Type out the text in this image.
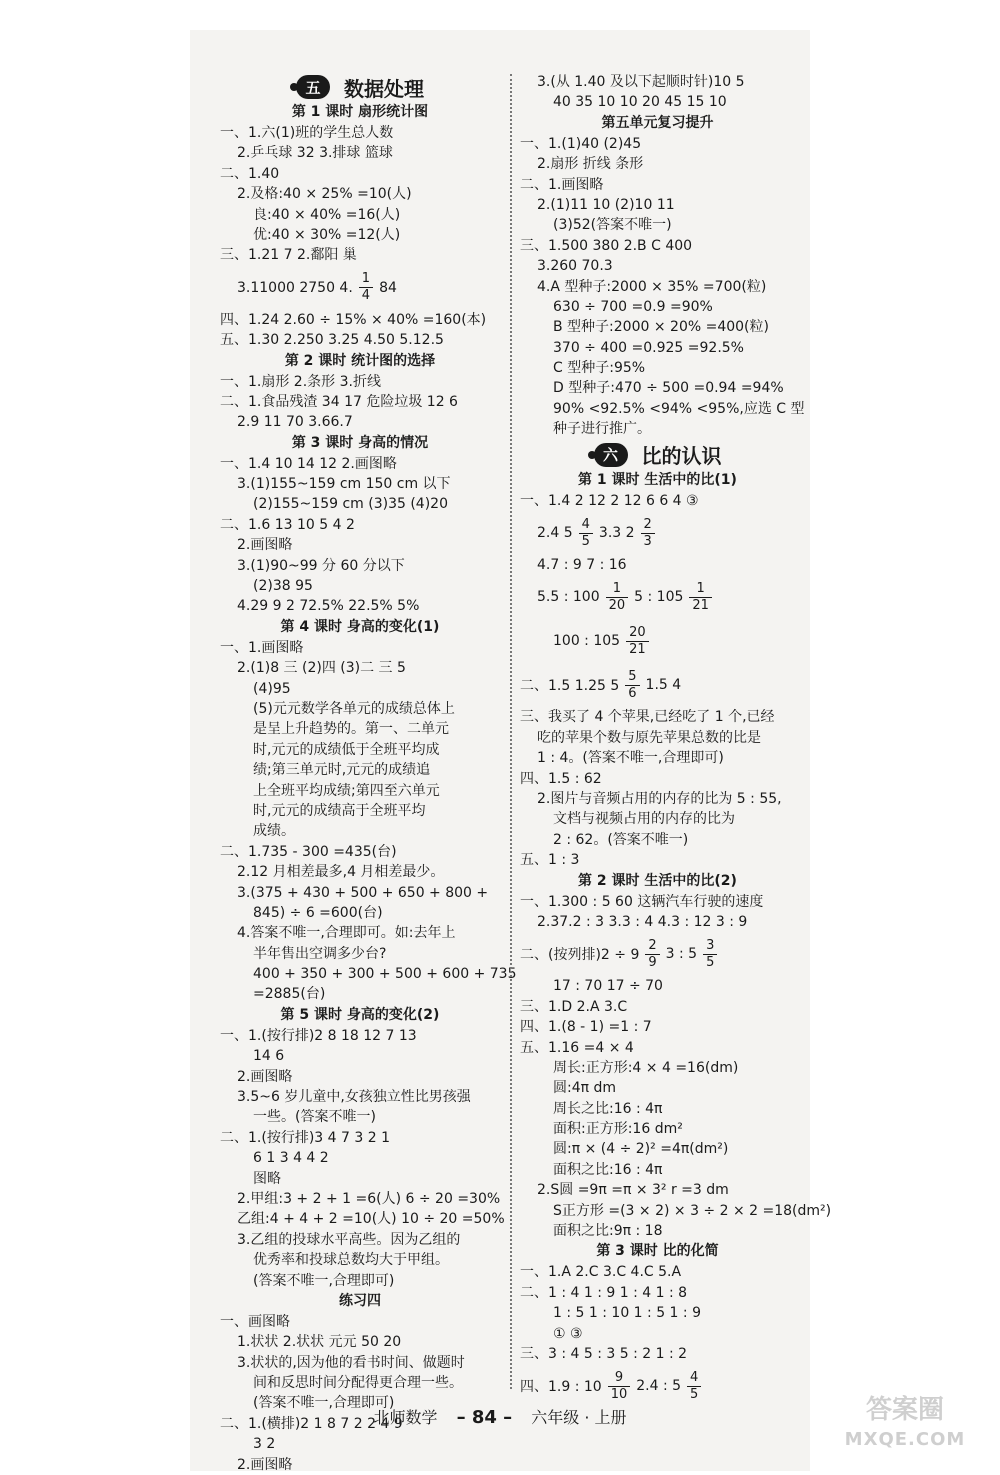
五	数据处理
第 1 课时 扇形统计图
一、1.六(1)班的学生总人数
2.乒乓球 32 3.排球 篮球
二、1.40
2.及格:40 × 25% =10(人)
良:40 × 40% =16(人)
优:40 × 30% =12(人)
三、1.21 7 2.鄱阳 巢
3.11000 2750 4. $\frac{1}{4} 84$
四、1.24 2.60 ÷ 15% × 40% =160(本)
五、1.30 2.250 3.25 4.50 5.12.5
第 2 课时 统计图的选择
一、1.扇形 2.条形 3.折线
二、1.食品残渣 34 17 危险垃圾 12 6
2.9 11 70 3.66.7
第 3 课时 身高的情况
一、1.4 10 14 12 2.画图略
3.(1)155~159 cm 150 cm 以下
(2)155~159 cm (3)35 (4)20
二、1.6 13 10 5 4 2
2.画图略
3.(1)90~99 分 60 分以下
(2)38 95
4.29 9 2 72.5% 22.5% 5%
第 4 课时 身高的变化(1)
一、1.画图略
2.(1)8 三 (2)四 (3)二 三 5
(4)95
(5)元元数学各单元的成绩总体上
是呈上升趋势的。第一、二单元
时,元元的成绩低于全班平均成
绩;第三单元时,元元的成绩追
上全班平均成绩;第四至六单元
时,元元的成绩高于全班平均
成绩。
二、1.735 - 300 =435(台)
2.12 月相差最多,4 月相差最少。
3.(375 + 430 + 500 + 650 + 800 +
845) ÷ 6 =600(台)
4.答案不唯一,合理即可。如:去年上
半年售出空调多少台?
400 + 350 + 300 + 500 + 600 + 735
=2885(台)
第 5 课时 身高的变化(2)
一、1.(按行排)2 8 18 12 7 13
14 6
2.画图略
3.5~6 岁儿童中,女孩独立性比男孩强
一些。(答案不唯一)
二、1.(按行排)3 4 7 3 2 1
6 1 3 4 4 2
图略
2.甲组:3 + 2 + 1 =6(人) 6 ÷ 20 =30%
乙组:4 + 4 + 2 =10(人) 10 ÷ 20 =50%
3.乙组的投球水平高些。因为乙组的
优秀率和投球总数均大于甲组。
(答案不唯一,合理即可)
练习四
一、画图略
1.状状 2.状状 元元 50 20
3.状状的,因为他的看书时间、做题时
间和反思时间分配得更合理一些。
(答案不唯一,合理即可)
二、1.(横排)2 1 8 7 2 2 4 9
3 2
2.画图略
3.(从 1.40 及以下起顺时针)10 5
40 35 10 10 20 45 15 10
第五单元复习提升
一、1.(1)40 (2)45
2.扇形 折线 条形
二、1.画图略
2.(1)11 10 (2)10 11
(3)52(答案不唯一)
三、1.500 380 2.B C 400
3.260 70.3
4.A 型种子:2000 × 35% =700(粒)
630 ÷ 700 =0.9 =90%
B 型种子:2000 × 20% =400(粒)
370 ÷ 400 =0.925 =92.5%
C 型种子:95%
D 型种子:470 ÷ 500 =0.94 =94%
90% <92.5% <94% <95%,应选 C 型
种子进行推广。
六	比的认识
第 1 课时 生活中的比(1)
一、1.4 2 12 2 12 6 6 4 ③
2.4 $5 \frac{4}{5} 3.3$ $2 \frac{2}{3}$
4.7 : 9 7 : 16
5.5 : $100 \frac{1}{20} 5$ : $105 \frac{1}{21}$
100 : $105 \frac{20}{21}$
二、1.5 1.25 $5 \frac{5}{6} 1.5$ 4
三、我买了 4 个苹果,已经吃了 1 个,已经
吃的苹果个数与原先苹果总数的比是
1 : 4。(答案不唯一,合理即可)
四、1.5 : 62
2.图片与音频占用的内存的比为 5 : 55,
文档与视频占用的内存的比为
2 : 62。(答案不唯一)
五、1 : 3
第 2 课时 生活中的比(2)
一、1.300 : 5 60 这辆汽车行驶的速度
2.37.2 : 3 3.3 : 4 4.3 : 12 3 : 9
二、(按列排)$2 \div 9 \frac{2}{9} 3$ : $5 \frac{3}{5}$
17 : 70 17 ÷ 70
三、1.D 2.A 3.C
四、1.(8 - 1) =1 : 7
五、1.16 =4 × 4
周长:正方形:4 × 4 =16(dm)
圆:4π dm
周长之比:16 : 4π
面积:正方形:16 dm²
圆:π × (4 ÷ 2)² =4π(dm²)
面积之比:16 : 4π
2.S圆 =9π =π × 3² r =3 dm
S正方形 =(3 × 2) × 3 ÷ 2 × 2 =18(dm²)
面积之比:9π : 18
第 3 课时 比的化简
一、1.A 2.C 3.C 4.C 5.A
二、1 : 4 1 : 9 1 : 4 1 : 8
1 : 5 1 : 10 1 : 5 1 : 9
① ③
三、3 : 4 5 : 3 5 : 2 1 : 2
四、1.9 : $10 \frac{9}{10} 2.4$ : $5 \frac{4}{5}$
北师数学 – 84 – 六年级 · 上册	答案圈
MXQE.COM
